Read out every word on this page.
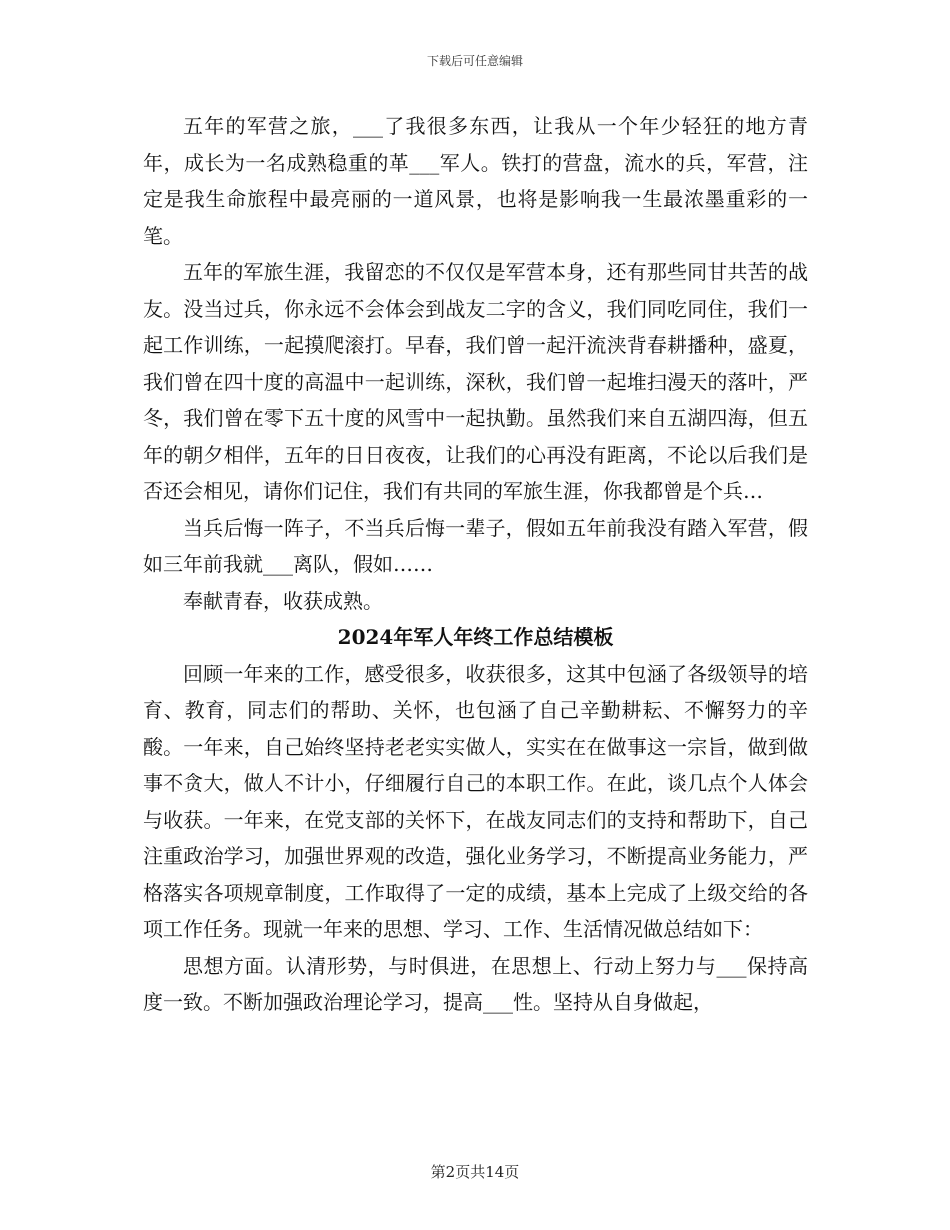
下载后可任意编辑

五年的军营之旅，___了我很多东西，让我从一个年少轻狂的地方青年，成长为一名成熟稳重的革___军人。铁打的营盘，流水的兵，军营，注定是我生命旅程中最亮丽的一道风景，也将是影响我一生最浓墨重彩的一笔。

五年的军旅生涯，我留恋的不仅仅是军营本身，还有那些同甘共苦的战友。没当过兵，你永远不会体会到战友二字的含义，我们同吃同住，我们一起工作训练，一起摸爬滚打。早春，我们曾一起汗流浃背春耕播种，盛夏，我们曾在四十度的高温中一起训练，深秋，我们曾一起堆扫漫天的落叶，严冬，我们曾在零下五十度的风雪中一起执勤。虽然我们来自五湖四海，但五年的朝夕相伴，五年的日日夜夜，让我们的心再没有距离，不论以后我们是否还会相见，请你们记住，我们有共同的军旅生涯，你我都曾是个兵…

当兵后悔一阵子，不当兵后悔一辈子，假如五年前我没有踏入军营，假如三年前我就___离队，假如……

奉献青春，收获成熟。

2024年军人年终工作总结模板

回顾一年来的工作，感受很多，收获很多，这其中包涵了各级领导的培育、教育，同志们的帮助、关怀，也包涵了自己辛勤耕耘、不懈努力的辛酸。一年来，自己始终坚持老老实实做人，实实在在做事这一宗旨，做到做事不贪大，做人不计小，仔细履行自己的本职工作。在此，谈几点个人体会与收获。一年来，在党支部的关怀下，在战友同志们的支持和帮助下，自己注重政治学习，加强世界观的改造，强化业务学习，不断提高业务能力，严格落实各项规章制度，工作取得了一定的成绩，基本上完成了上级交给的各项工作任务。现就一年来的思想、学习、工作、生活情况做总结如下：

思想方面。认清形势，与时俱进，在思想上、行动上努力与___保持高度一致。不断加强政治理论学习，提高___性。坚持从自身做起，

第2页共14页
